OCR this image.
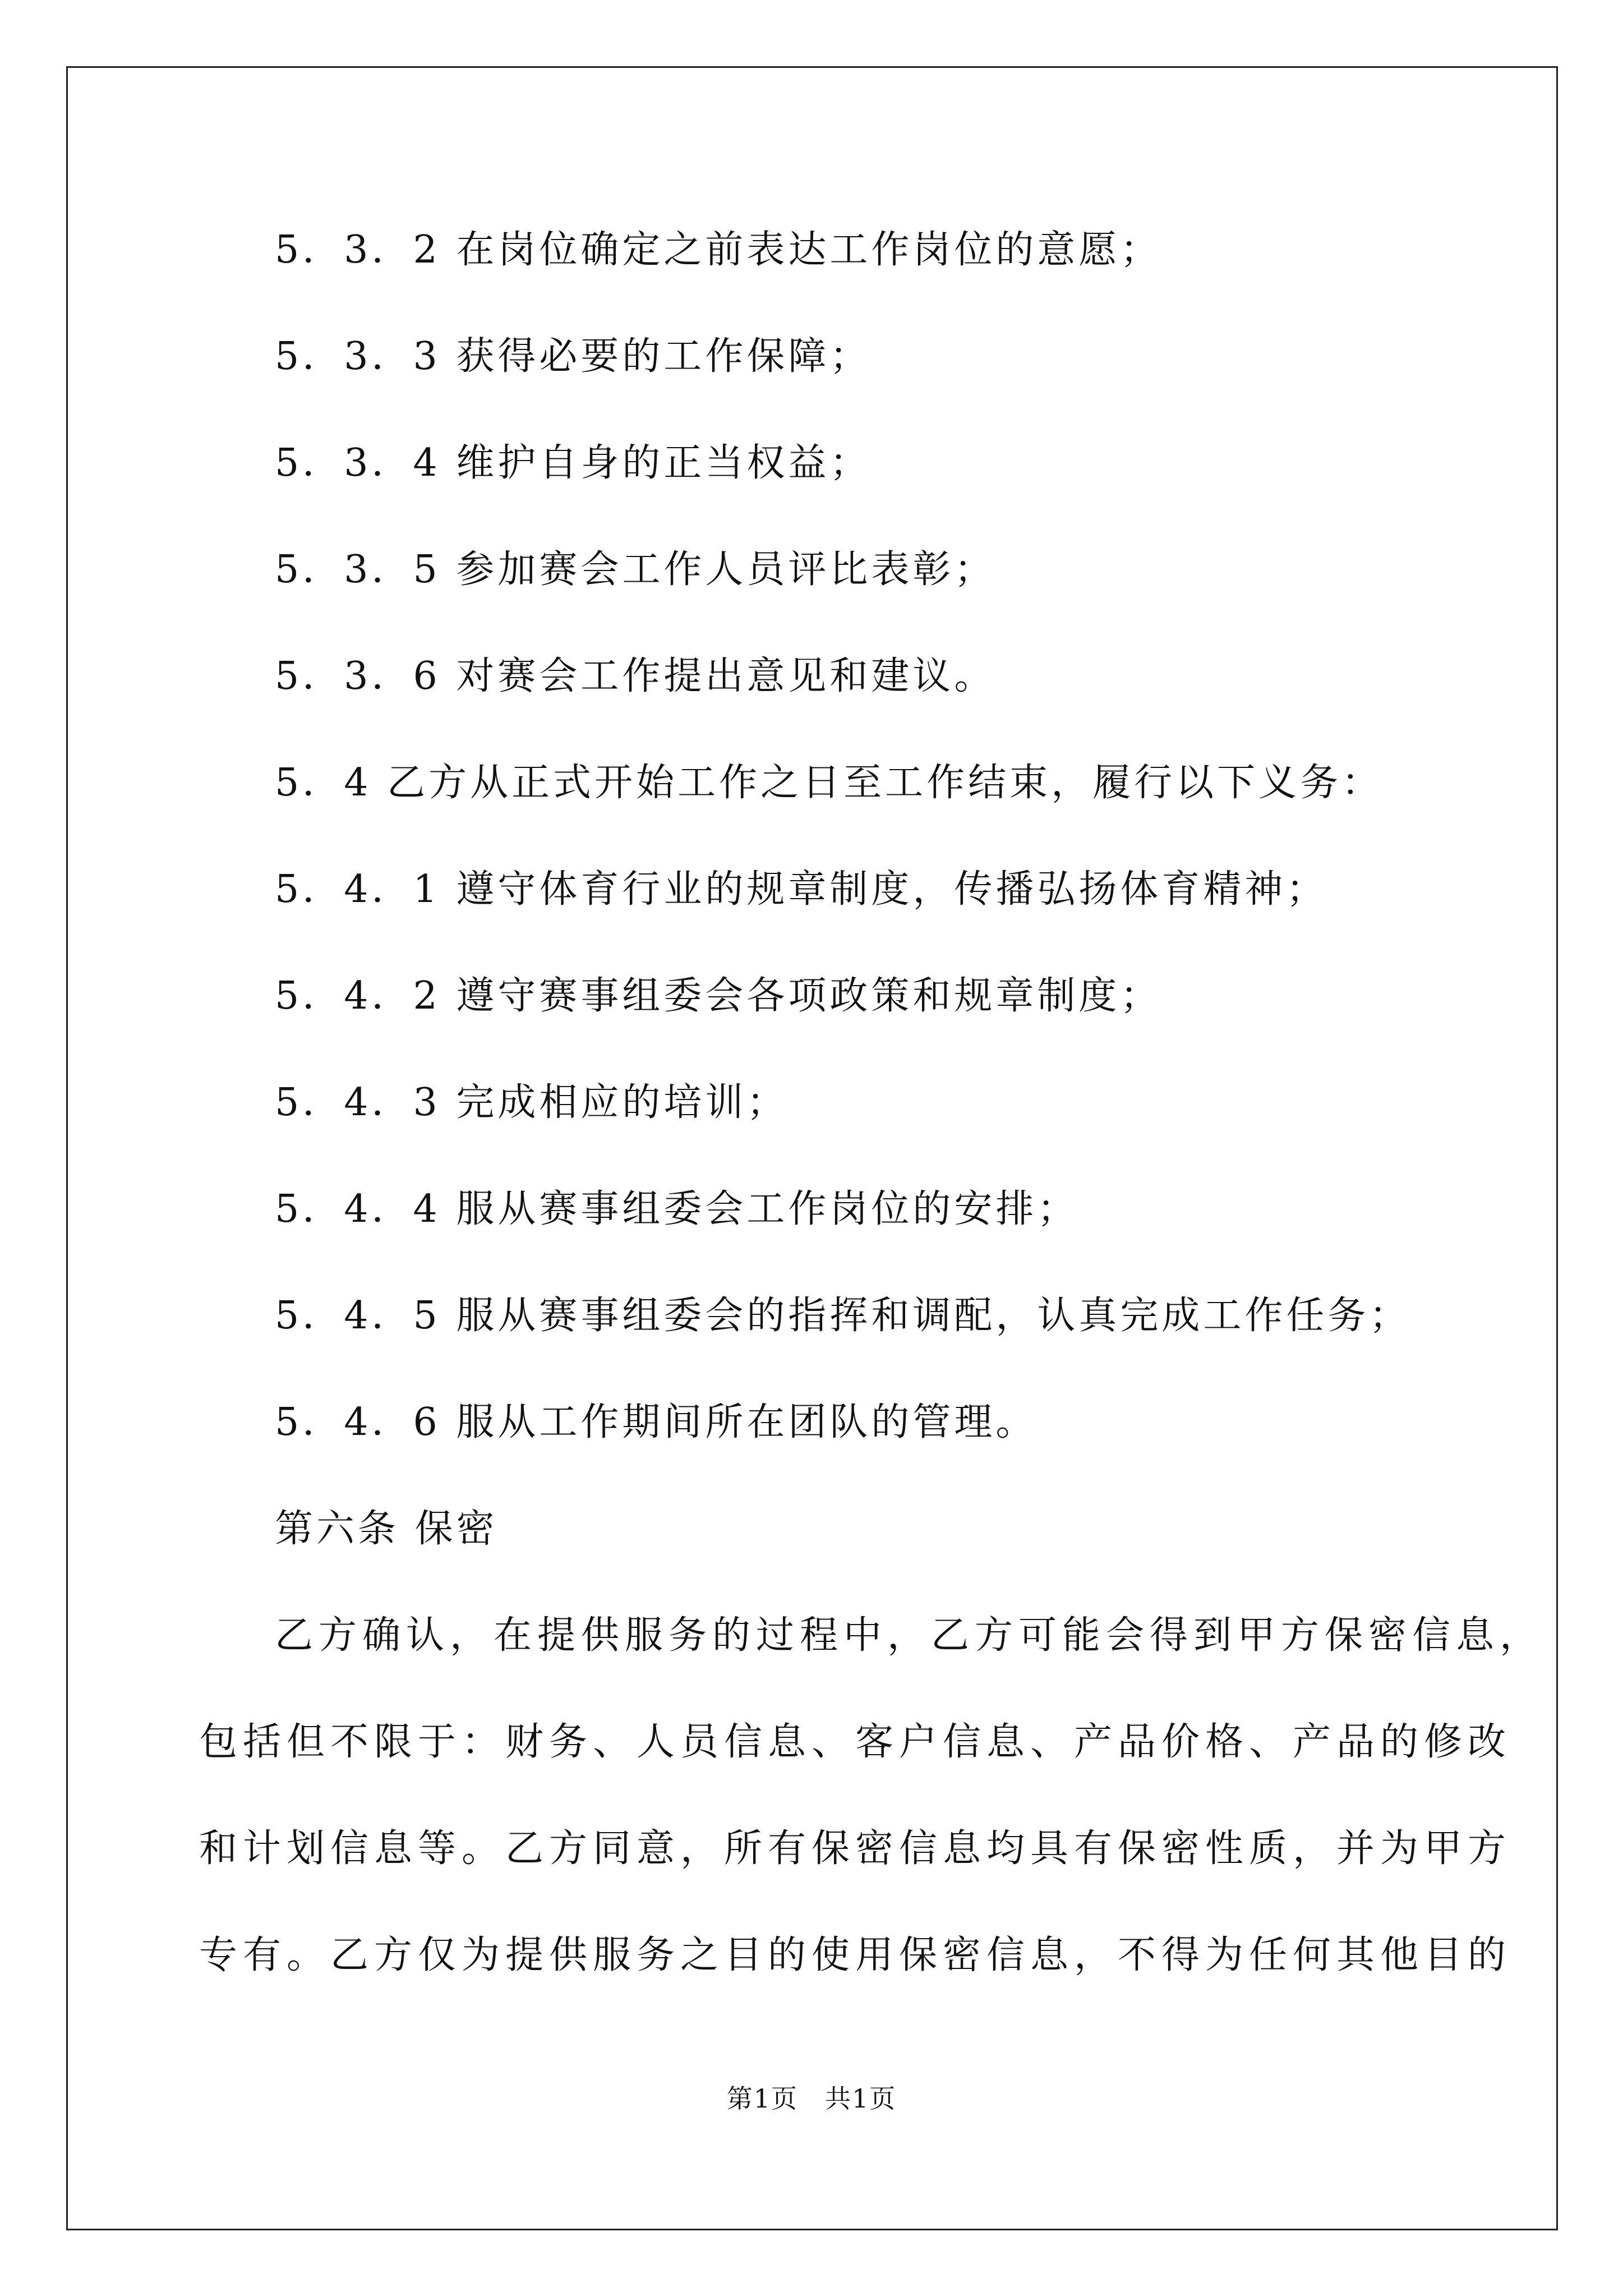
5．3．2 在岗位确定之前表达工作岗位的意愿；
5．3．3 获得必要的工作保障；
5．3．4 维护自身的正当权益；
5．3．5 参加赛会工作人员评比表彰；
5．3．6 对赛会工作提出意见和建议。
5．4 乙方从正式开始工作之日至工作结束，履行以下义务：
5．4．1 遵守体育行业的规章制度，传播弘扬体育精神；
5．4．2 遵守赛事组委会各项政策和规章制度；
5．4．3 完成相应的培训；
5．4．4 服从赛事组委会工作岗位的安排；
5．4．5 服从赛事组委会的指挥和调配，认真完成工作任务；
5．4．6 服从工作期间所在团队的管理。
第六条 保密
乙方确认，在提供服务的过程中，乙方可能会得到甲方保密信息，
包括但不限于：财务、人员信息、客户信息、产品价格、产品的修改
和计划信息等。乙方同意，所有保密信息均具有保密性质，并为甲方
专有。乙方仅为提供服务之目的使用保密信息，不得为任何其他目的
第1页　共1页
